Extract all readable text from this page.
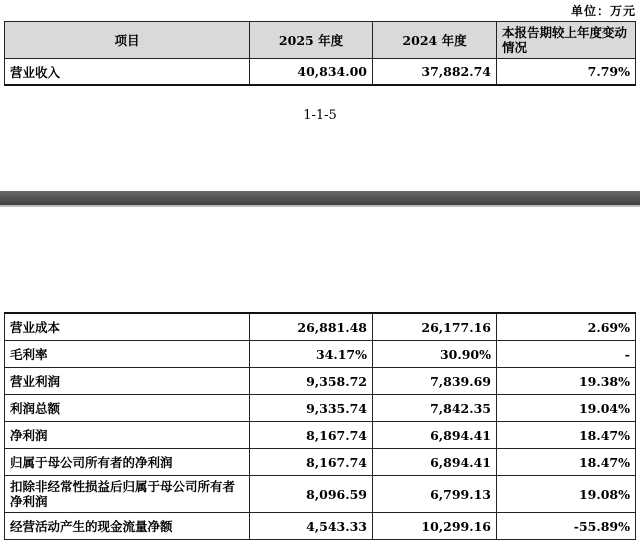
单位：万元
项目	2025 年度	2024 年度	本报告期较上年度变动情况
营业收入	40,834.00	37,882.74	7.79%
1-1-5
营业成本	26,881.48	26,177.16	2.69%
毛利率	34.17%	30.90%	-
营业利润	9,358.72	7,839.69	19.38%
利润总额	9,335.74	7,842.35	19.04%
净利润	8,167.74	6,894.41	18.47%
归属于母公司所有者的净利润	8,167.74	6,894.41	18.47%
扣除非经常性损益后归属于母公司所有者净利润	8,096.59	6,799.13	19.08%
经营活动产生的现金流量净额	4,543.33	10,299.16	-55.89%
